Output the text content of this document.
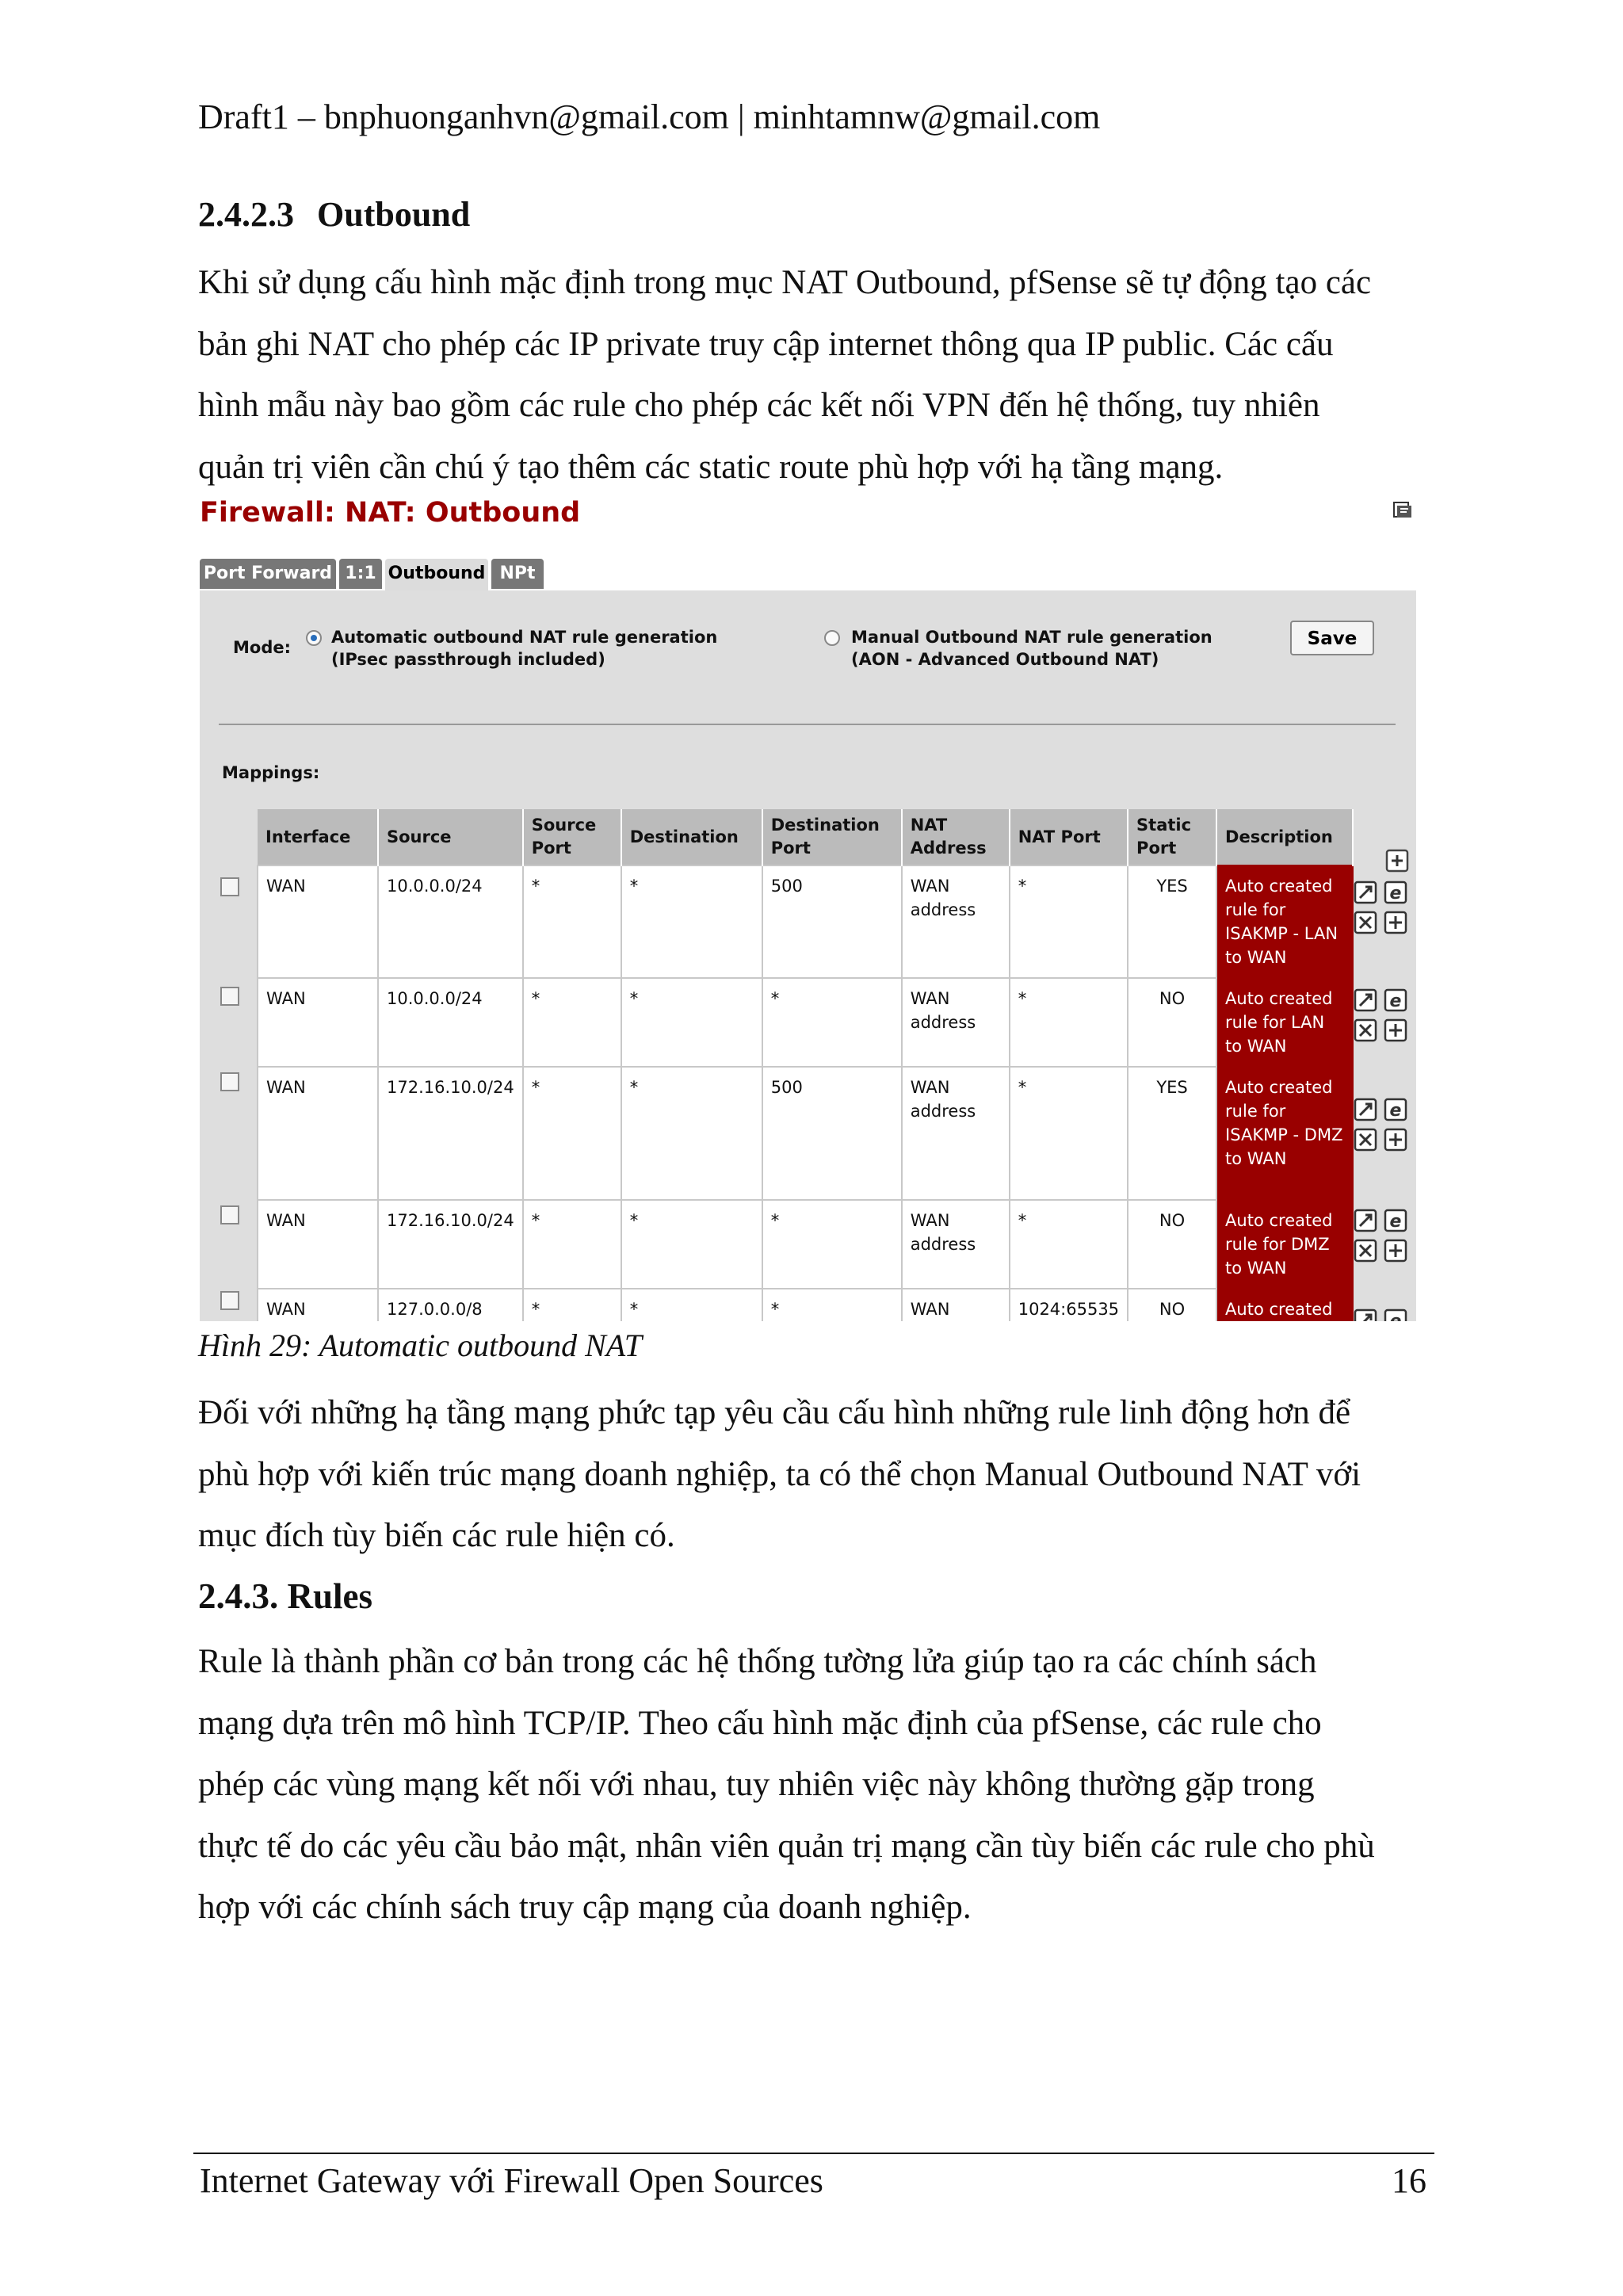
Draft1 – bnphuonganhvn@gmail.com | minhtamnw@gmail.com
2.4.2.3 Outbound

Khi sử dụng cấu hình mặc định trong mục NAT Outbound, pfSense sẽ tự động tạo các

bản ghi NAT cho phép các IP private truy cập internet thông qua IP public. Các cấu

hình mẫu này bao gồm các rule cho phép các kết nối VPN đến hệ thống, tuy nhiên

quản trị viên cần chú ý tạo thêm các static route phù hợp với hạ tầng mạng.

Firewall: NAT: Outbound
Port Forward 1:1 Outbound NPt
Mode:
Automatic outbound NAT rule generation
(IPsec passthrough included)
Manual Outbound NAT rule generation
(AON - Advanced Outbound NAT)
Save
Mappings:
Interface	Source	Source Port	Destination	Destination Port	NAT Address	NAT Port	Static Port	Description
WAN	10.0.0.0/24	*	*	500	WAN address	*	YES	Auto created rule for ISAKMP - LAN to WAN
WAN	10.0.0.0/24	*	*	*	WAN address	*	NO	Auto created rule for LAN to WAN
WAN	172.16.10.0/24	*	*	500	WAN address	*	YES	Auto created rule for ISAKMP - DMZ to WAN
WAN	172.16.10.0/24	*	*	*	WAN address	*	NO	Auto created rule for DMZ to WAN
WAN	127.0.0.0/8	*	*	*	WAN	1024:65535	NO	Auto created
e
e
e
e
e
Hình 29: Automatic outbound NAT

Đối với những hạ tầng mạng phức tạp yêu cầu cấu hình những rule linh động hơn để

phù hợp với kiến trúc mạng doanh nghiệp, ta có thể chọn Manual Outbound NAT với

mục đích tùy biến các rule hiện có.

2.4.3. Rules

Rule là thành phần cơ bản trong các hệ thống tường lửa giúp tạo ra các chính sách

mạng dựa trên mô hình TCP/IP. Theo cấu hình mặc định của pfSense, các rule cho

phép các vùng mạng kết nối với nhau, tuy nhiên việc này không thường gặp trong

thực tế do các yêu cầu bảo mật, nhân viên quản trị mạng cần tùy biến các rule cho phù

hợp với các chính sách truy cập mạng của doanh nghiệp.

Internet Gateway với Firewall Open Sources	16
